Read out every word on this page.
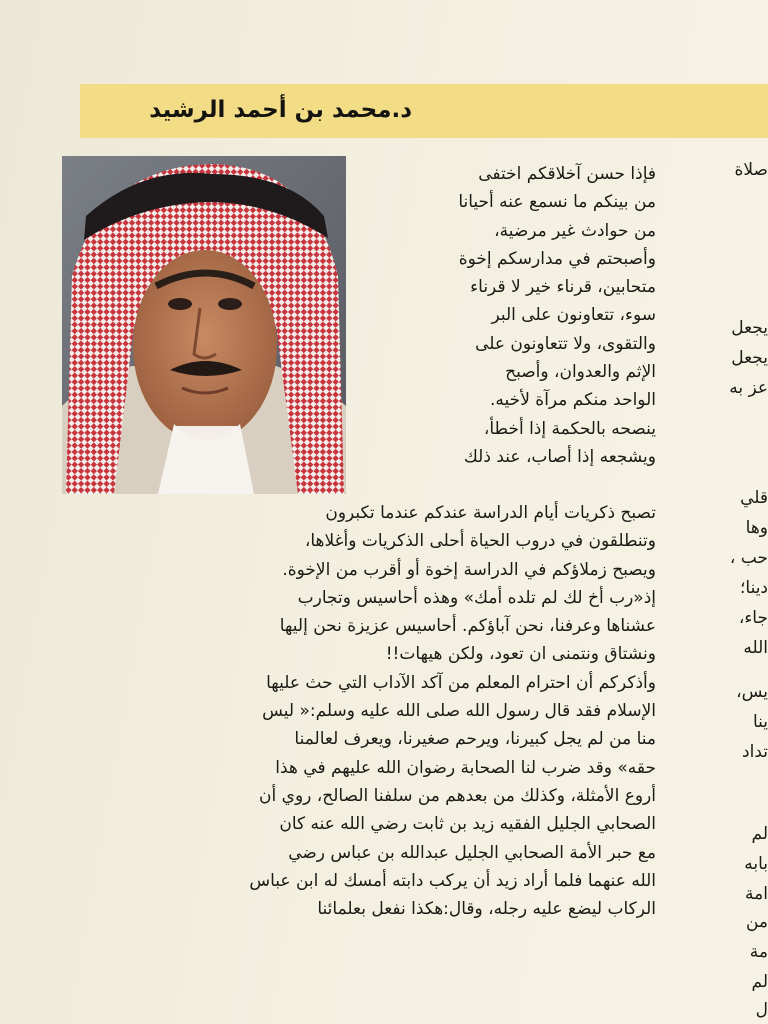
د.محمد بن أحمد الرشيد
فإذا حسن آخلاقكم اختفى
من بينكم ما نسمع عنه أحيانا
من حوادث غير مرضية،
وأصبحتم في مدارسكم إخوة
متحابين، قرناء خير لا قرناء
سوء، تتعاونون على البر
والتقوى، ولا تتعاونون على
الإثم والعدوان، وأصبح
الواحد منكم مرآة لأخيه.
ينصحه بالحكمة إذا أخطأ،
ويشجعه إذا أصاب، عند ذلك
تصبح ذكريات أيام الدراسة عندكم عندما تكبرون
وتنطلقون في دروب الحياة أحلى الذكريات وأغلاها،
ويصبح زملاؤكم في الدراسة إخوة أو أقرب من الإخوة.
إذ«رب أخ لك لم تلده أمك» وهذه أحاسيس وتجارب
عشناها وعرفنا، نحن آباؤكم. أحاسيس عزيزة نحن إليها
ونشتاق ونتمنى ان تعود، ولكن هيهات!!
وأذكركم أن احترام المعلم من آكد الآداب التي حث عليها
الإسلام فقد قال رسول الله صلى الله عليه وسلم:« ليس
منا من لم يجل كبيرنا، ويرحم صغيرنا، ويعرف لعالمنا
حقه» وقد ضرب لنا الصحابة رضوان الله عليهم في هذا
أروع الأمثلة، وكذلك من بعدهم من سلفنا الصالح، روي أن
الصحابي الجليل الفقيه زيد بن ثابت رضي الله عنه كان
مع حبر الأمة الصحابي الجليل عبدالله بن عباس رضي
الله عنهما فلما أراد زيد أن يركب دابته أمسك له ابن عباس
الركاب ليضع عليه رجله، وقال:هكذا نفعل بعلمائنا
صلاة
يجعل
يجعل
عز به
قلي
وها
حب ،
دينا؛
جاء،
الله
يس،
ينا
تداد
لم
بابه
امة
من
مة
لم
ل
